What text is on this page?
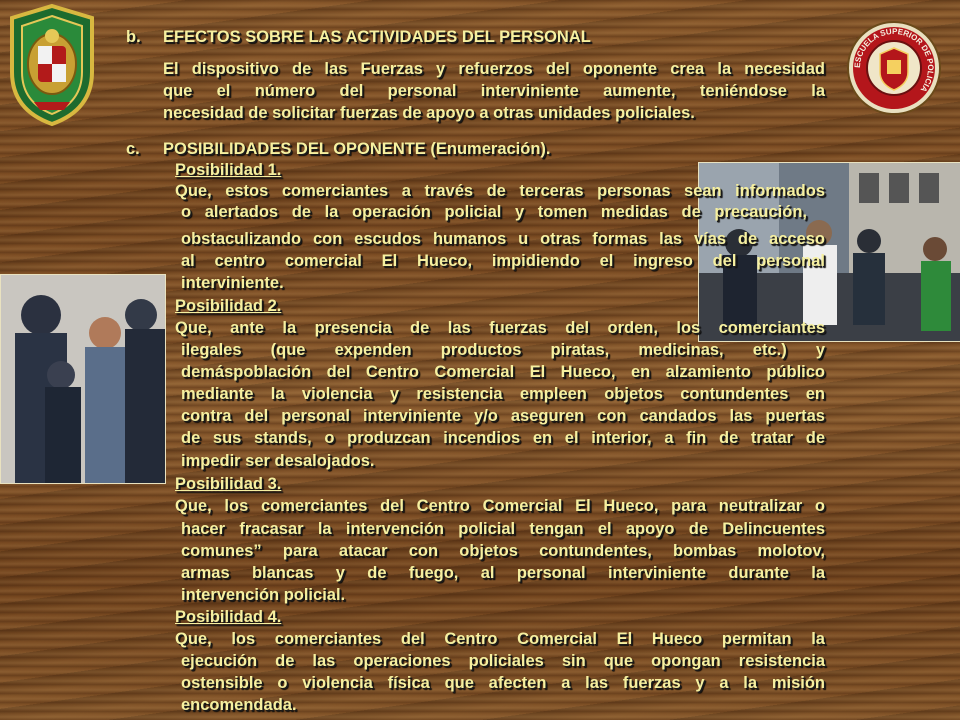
ESCUELA SUPERIOR DE POLICIA
b. EFECTOS SOBRE LAS ACTIVIDADES DEL PERSONAL
El dispositivo de las Fuerzas y refuerzos del oponente crea la necesidad
que el número del personal interviniente aumente, teniéndose la
necesidad de solicitar fuerzas de apoyo a otras unidades policiales.
c. POSIBILIDADES DEL OPONENTE (Enumeración).
Posibilidad 1.
Que, estos comerciantes a través de terceras personas sean informados
o alertados de la operación policial y tomen medidas de precaución,
obstaculizando con escudos humanos u otras formas las vías de acceso
al centro comercial El Hueco, impidiendo el ingreso del personal
interviniente.
Posibilidad 2.
Que, ante la presencia de las fuerzas del orden, los comerciantes
ilegales (que expenden productos piratas, medicinas, etc.) y
demáspoblación del Centro Comercial El Hueco, en alzamiento público
mediante la violencia y resistencia empleen objetos contundentes en
contra del personal interviniente y/o aseguren con candados las puertas
de sus stands, o produzcan incendios en el interior, a fin de tratar de
impedir ser desalojados.
Posibilidad 3.
Que, los comerciantes del Centro Comercial El Hueco, para neutralizar o
hacer fracasar la intervención policial tengan el apoyo de Delincuentes
comunes” para atacar con objetos contundentes, bombas molotov,
armas blancas y de fuego, al personal interviniente durante la
intervención policial.
Posibilidad 4.
Que, los comerciantes del Centro Comercial El Hueco permitan la
ejecución de las operaciones policiales sin que opongan resistencia
ostensible o violencia física que afecten a las fuerzas y a la misión
encomendada.
